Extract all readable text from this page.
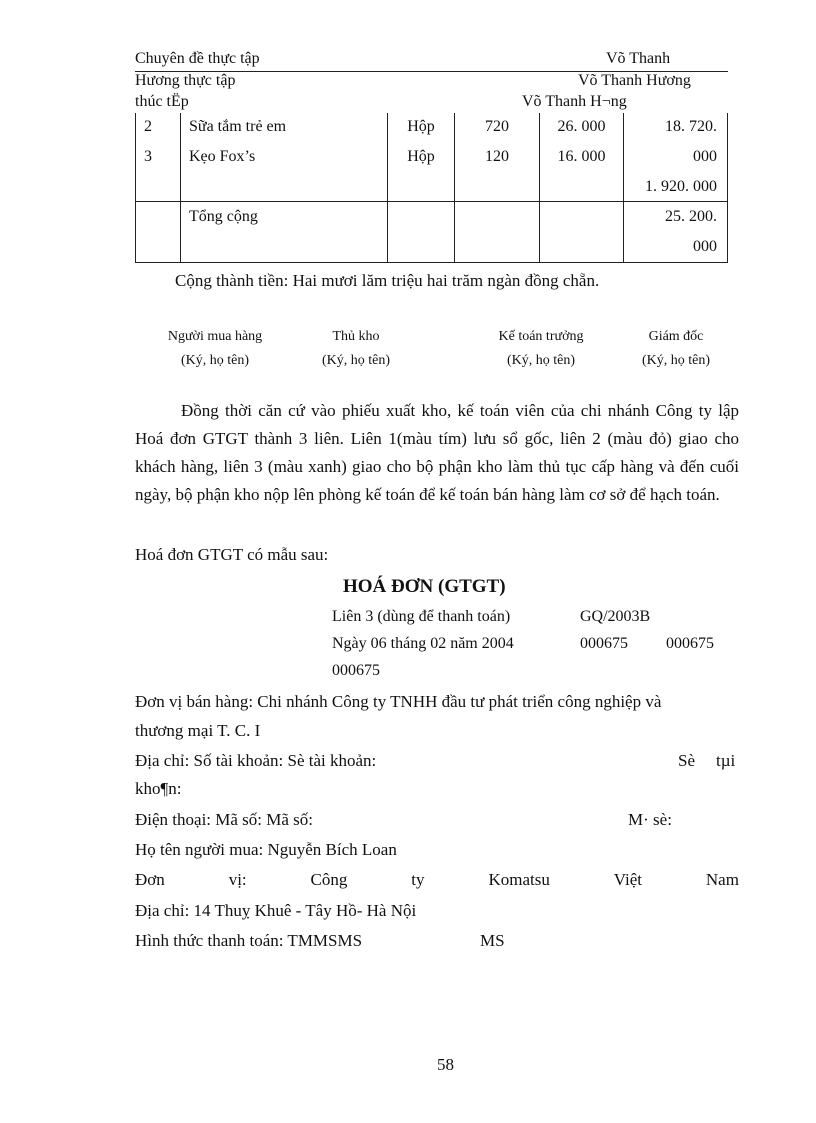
Chuyên đề thực tập	Võ Thanh
Hương thực tập	Võ Thanh Hương
thúc tËp	Võ Thanh H¬ng
2	Sữa tắm trẻ em	Hộp	720	26. 000	18. 720.
3	Kẹo Fox’s	Hộp	120	16. 000	000
					1. 920. 000
	Tổng cộng				25. 200.
000
Cộng thành tiền: Hai mươi lăm triệu hai trăm ngàn đồng chẵn.
Người mua hàng
(Ký, họ tên)
Thủ kho
(Ký, họ tên)
Kế toán trưởng
(Ký, họ tên)
Giám đốc
(Ký, họ tên)
Đồng thời căn cứ vào phiếu xuất kho, kế toán viên của chi nhánh Công ty lập Hoá đơn GTGT thành 3 liên. Liên 1(màu tím) lưu sổ gốc, liên 2 (màu đỏ) giao cho khách hàng, liên 3 (màu xanh) giao cho bộ phận kho làm thủ tục cấp hàng và đến cuối ngày, bộ phận kho nộp lên phòng kế toán để kế toán bán hàng làm cơ sở để hạch toán.
Hoá đơn GTGT có mẫu sau:
HOÁ ĐƠN (GTGT)
Liên 3 (dùng để thanh toán)	GQ/2003B
Ngày 06 tháng 02 năm 2004	000675 000675
000675
Đơn vị bán hàng: Chi nhánh Công ty TNHH đầu tư phát triển công nghiệp và
thương mại T. C. I
Địa chỉ: Số tài khoản: Sè tài khoản:	Sè tµi
kho¶n:
Điện thoại: Mã số: Mã số:	M· sè:
Họ tên người mua: Nguyễn Bích Loan
Đơn	vị:	Công	ty	Komatsu	Việt	Nam
Địa chỉ: 14 Thuỵ Khuê - Tây Hồ- Hà Nội
Hình thức thanh toán: TMMSMS	MS
58
